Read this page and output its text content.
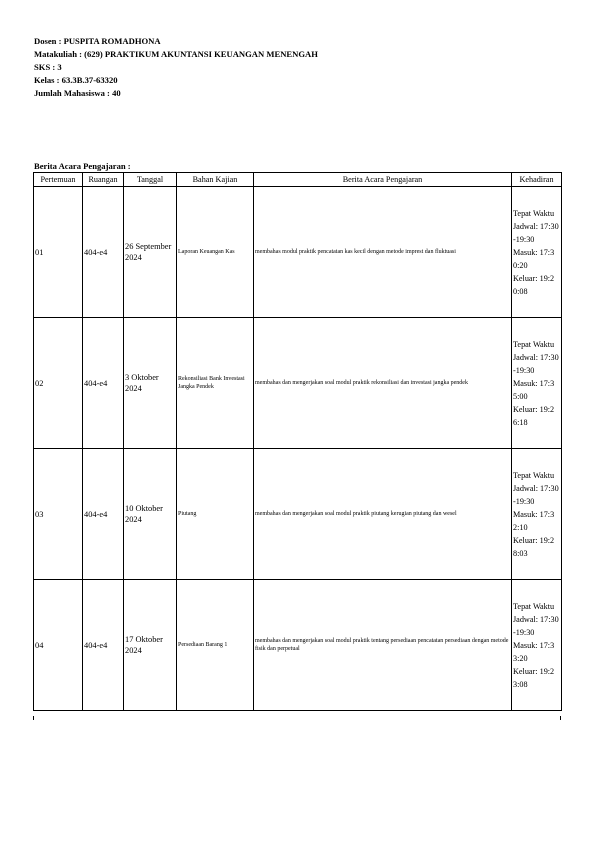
Dosen : PUSPITA ROMADHONA
Matakuliah : (629) PRAKTIKUM AKUNTANSI KEUANGAN MENENGAH
SKS : 3
Kelas : 63.3B.37-63320
Jumlah Mahasiswa : 40
Berita Acara Pengajaran :
Pertemuan	Ruangan	Tanggal	Bahan Kajian	Berita Acara Pengajaran	Kehadiran
01	404-e4	26 September 2024	Laporan Keuangan Kas	membahas modul praktik pencatatan kas kecil dengan metode imprest dan fluktuasi	Tepat Waktu
Jadwal: 17:30-19:30
Masuk: 17:30:20
Keluar: 19:20:08

02	404-e4	3 Oktober 2024	Rekonsiliasi Bank Investasi Jangka Pendek	membahas dan mengerjakan soal modul praktik rekonsiliasi dan investasi jangka pendek	Tepat Waktu
Jadwal: 17:30-19:30
Masuk: 17:35:00
Keluar: 19:26:18

03	404-e4	10 Oktober 2024	Piutang	membahas dan mengerjakan soal modul praktik piutang kerugian piutang dan wesel	Tepat Waktu
Jadwal: 17:30-19:30
Masuk: 17:32:10
Keluar: 19:28:03

04	404-e4	17 Oktober 2024	Persediaan Barang 1	membahas dan mengerjakan soal modul praktik tentang persediaan pencatatan persediaan dengan metode fisik dan perpetual	Tepat Waktu
Jadwal: 17:30-19:30
Masuk: 17:33:20
Keluar: 19:23:08
